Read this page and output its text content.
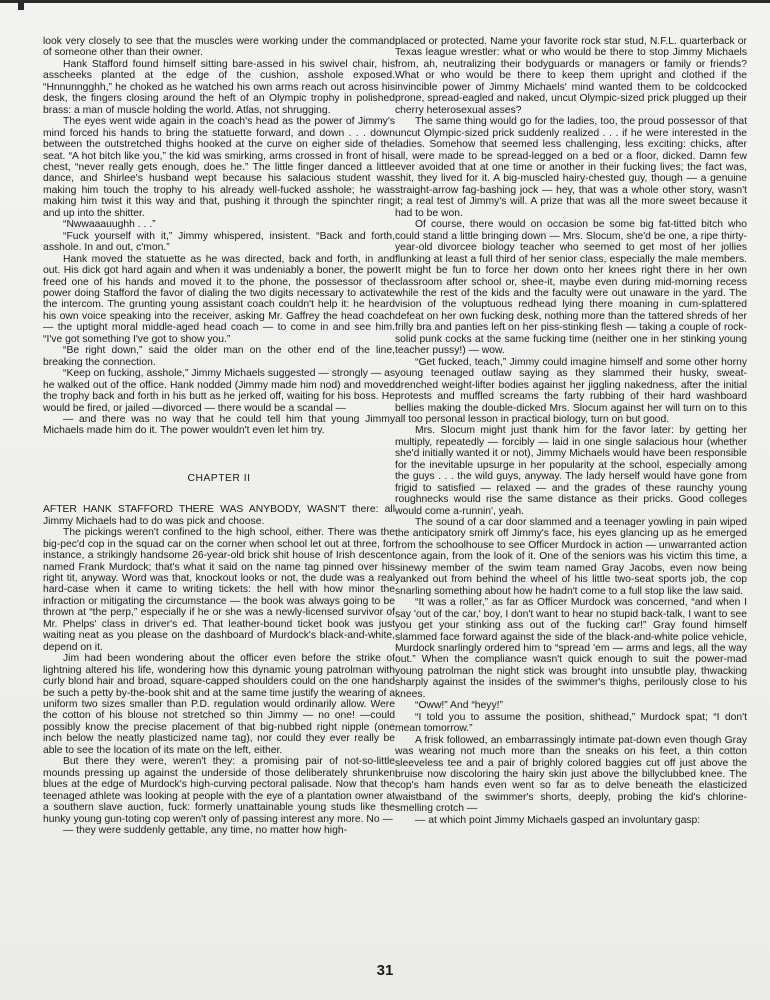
look very closely to see that the muscles were working under the command of someone other than their owner.

Hank Stafford found himself sitting bare-assed in his swivel chair, his asscheeks planted at the edge of the cushion, asshole exposed. “Hnnunngghh,” he choked as he watched his own arms reach out across his desk, the fingers closing around the heft of an Olympic trophy in polished brass: a man of muscle holding the world. Atlas, not shrugging.

The eyes went wide again in the coach's head as the power of Jimmy's mind forced his hands to bring the statuette forward, and down . . . down between the outstretched thighs hooked at the curve on eigher side of the seat. “A hot bitch like you,” the kid was smirking, arms crossed in front of his chest, “never really gets enough, does he.” The little finger danced a little dance, and Shirlee's husband wept because his salacious student was making him touch the trophy to his already well-fucked asshole; he was making him twist it this way and that, pushing it through the spinchter ring and up into the shitter.

“Nwwaaauughh . . .”

“Fuck yourself with it,” Jimmy whispered, insistent. “Back and forth, asshole. In and out, c'mon.”

Hank moved the statuette as he was directed, back and forth, in and out. His dick got hard again and when it was undeniably a boner, the power freed one of his hands and moved it to the phone, the possessor of the power doing Stafford the favor of dialing the two digits necessary to activate the intercom. The grunting young assistant coach couldn't help it: he heard his own voice speaking into the receiver, asking Mr. Gaffrey the head coach — the uptight moral middle-aged head coach — to come in and see him. “I've got something I've got to show you.”

“Be right down,” said the older man on the other end of the line, breaking the connection.

“Keep on fucking, asshole,” Jimmy Michaels suggested — strongly — as he walked out of the office. Hank nodded (Jimmy made him nod) and moved the trophy back and forth in his butt as he jerked off, waiting for his boss. He would be fired, or jailed —divorced — there would be a scandal —

— and there was no way that he could tell him that young Jimmy Michaels made him do it. The power wouldn't even let him try.

CHAPTER II

AFTER HANK STAFFORD THERE WAS ANYBODY, WASN'T there: all Jimmy Michaels had to do was pick and choose.

The pickings weren't confined to the high school, either. There was the big-pec'd cop in the squad car on the corner when school let out at three, for instance, a strikingly handsome 26-year-old brick shit house of Irish descent named Frank Murdock; that's what it said on the name tag pinned over his right tit, anyway. Word was that, knockout looks or not, the dude was a real hard-case when it came to writing tickets: the hell with how minor the infraction or mitigating the circumstance — the book was always going to be thrown at “the perp,” especially if he or she was a newly-licensed survivor of Mr. Phelps' class in driver's ed. That leather-bound ticket book was just waiting neat as you please on the dashboard of Murdock's black-and-white, depend on it.

Jim had been wondering about the officer even before the strike of lightning altered his life, wondering how this dynamic young patrolman with curly blond hair and broad, square-capped shoulders could on the one hand be such a petty by-the-book shit and at the same time justify the wearing of a uniform two sizes smaller than P.D. regulation would ordinarily allow. Were the cotton of his blouse not stretched so thin Jimmy — no one! —could possibly know the precise placement of that big-nubbed right nipple (one inch below the neatly plasticized name tag), nor could they ever really be able to see the location of its mate on the left, either.

But there they were, weren't they: a promising pair of not-so-little mounds pressing up against the underside of those deliberately shrunken blues at the edge of Murdock's high-curving pectoral palisade. Now that the teenaged athlete was looking at people with the eye of a plantation owner at a southern slave auction, fuck: formerly unattainable young studs like the hunky young gun-toting cop weren't only of passing interest any more. No —

— they were suddenly gettable, any time, no matter how high-

placed or protected. Name your favorite rock star stud, N.F.L. quarterback or Texas league wrestler: what or who would be there to stop Jimmy Michaels from, ah, neutralizing their bodyguards or managers or family or friends? What or who would be there to keep them upright and clothed if the invincible power of Jimmy Michaels' mind wanted them to be coldcocked prone, spread-eagled and naked, uncut Olympic-sized prick plugged up their cherry heterosexual asses?

The same thing would go for the ladies, too, the proud possessor of that uncut Olympic-sized prick suddenly realized . . . if he were interested in the ladies. Somehow that seemed less challenging, less exciting: chicks, after all, were made to be spread-legged on a bed or a floor, dicked. Damn few ever avoided that at one time or another in their fucking lives; the fact was, shit, they lived for it. A big-muscled hairy-chested guy, though — a genuine straight-arrow fag-bashing jock — hey, that was a whole other story, wasn't it; a real test of Jimmy's will. A prize that was all the more sweet because it had to be won.

Of course, there would on occasion be some big fat-titted bitch who could stand a little bringing down — Mrs. Slocum, she'd be one, a ripe thirty-year-old divorcee biology teacher who seemed to get most of her jollies flunking at least a full third of her senior class, especially the male members. It might be fun to force her down onto her knees right there in her own classroom after school or, shee-it, maybe even during mid-morning recess while the rest of the kids and the faculty were out unaware in the yard. The vision of the voluptuous redhead lying there moaning in cum-splattered defeat on her own fucking desk, nothing more than the tattered shreds of her frilly bra and panties left on her piss-stinking flesh — taking a couple of rock-solid punk cocks at the same fucking time (neither one in her stinking young teacher pussy!) — wow.

“Get fucked, teach,” Jimmy could imagine himself and some other horny young teenaged outlaw saying as they slammed their husky, sweat-drenched weight-lifter bodies against her jiggling nakedness, after the initial protests and muffled screams the farty rubbing of their hard washboard bellies making the double-dicked Mrs. Slocum against her will turn on to this all too personal lesson in practical biology, turn on but good.

Mrs. Slocum might just thank him for the favor later: by getting her multiply, repeatedly — forcibly — laid in one single salacious hour (whether she'd initially wanted it or not), Jimmy Michaels would have been responsible for the inevitable upsurge in her popularity at the school, especially among the guys . . . the wild guys, anyway. The lady herself would have gone from frigid to satisfied — relaxed — and the grades of these raunchy young roughnecks would rise the same distance as their pricks. Good colleges would come a-runnin', yeah.

The sound of a car door slammed and a teenager yowling in pain wiped the anticipatory smirk off Jimmy's face, his eyes glancing up as he emerged from the schoolhouse to see Officer Murdock in action — unwarranted action once again, from the look of it. One of the seniors was his victim this time, a sinewy member of the swim team named Gray Jacobs, even now being yanked out from behind the wheel of his little two-seat sports job, the cop snarling something about how he hadn't come to a full stop like the law said.

“It was a roller,” as far as Officer Murdock was concerned, “and when I say 'out of the car,' boy, I don't want to hear no stupid back-talk, I want to see you get your stinking ass out of the fucking car!” Gray found himself slammed face forward against the side of the black-and-white police vehicle, Murdock snarlingly ordered him to “spread 'em — arms and legs, all the way out.” When the compliance wasn't quick enough to suit the power-mad young patrolman the night stick was brought into unsubtle play, thwacking sharply against the insides of the swimmer's thighs, perilously close to his knees.

“Oww!” And “heyy!”

“I told you to assume the position, shithead,” Murdock spat; “I don't mean tomorrow.”

A frisk followed, an embarrassingly intimate pat-down even though Gray was wearing not much more than the sneaks on his feet, a thin cotton sleeveless tee and a pair of brighly colored baggies cut off just above the bruise now discoloring the hairy skin just above the billyclubbed knee. The cop's ham hands even went so far as to delve beneath the elasticized waistband of the swimmer's shorts, deeply, probing the kid's chlorine-smelling crotch —

— at which point Jimmy Michaels gasped an involuntary gasp:

31
